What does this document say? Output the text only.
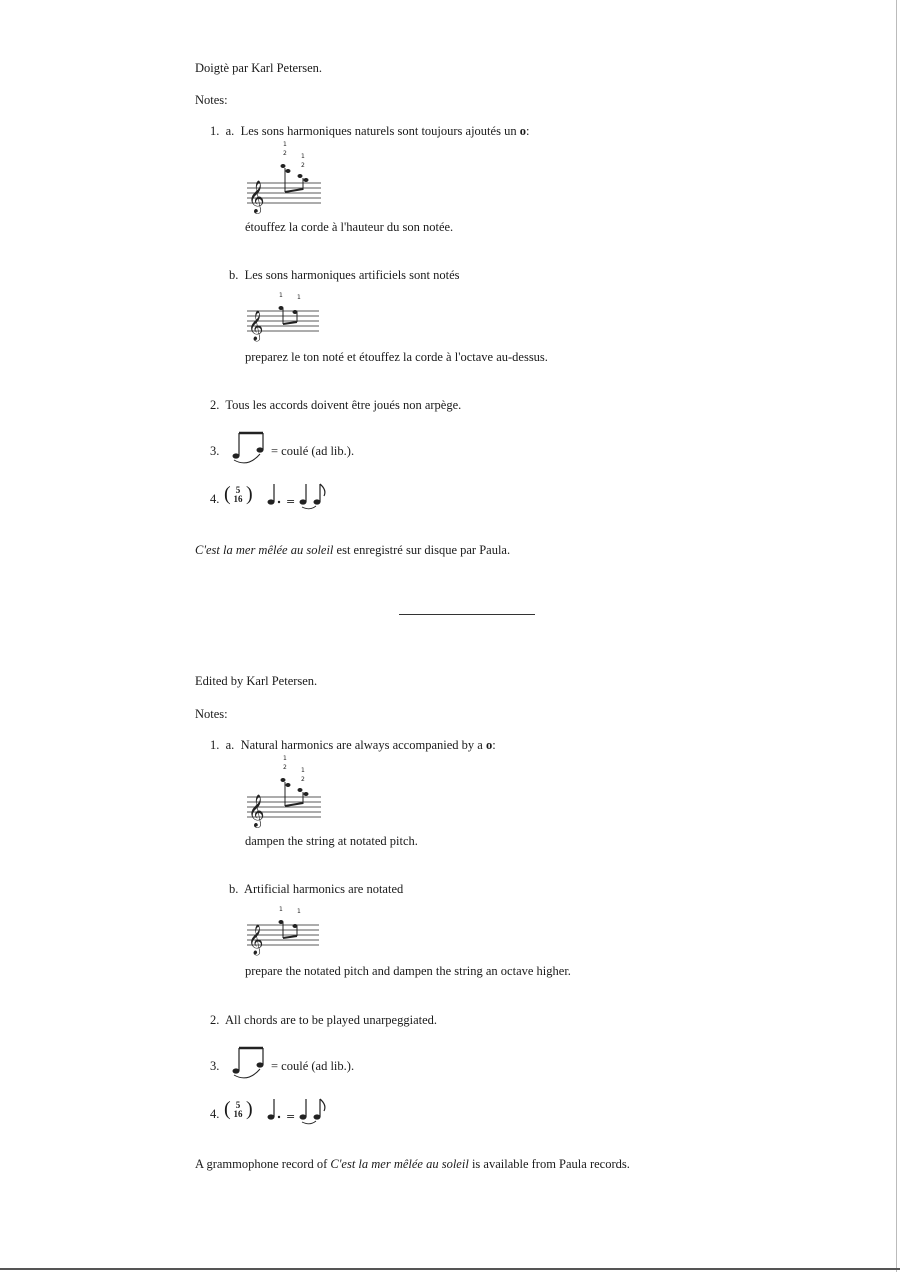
Doigtè par Karl Petersen.
Notes:
1. a. Les sons harmoniques naturels sont toujours ajoutés un o:
𝄞
1
2 1
2
étouffez la corde à l'hauteur du son notée.
b. Les sons harmoniques artificiels sont notés
𝄞
1 1
preparez le ton noté et étouffez la corde à l'octave au-dessus.
2. Tous les accords doivent être joués non arpège.
3.	= coulé (ad lib.).
4. ( 5
16 )	=
C'est la mer mêlée au soleil est enregistré sur disque par Paula.
Edited by Karl Petersen.
Notes:
1. a. Natural harmonics are always accompanied by a o:
𝄞
1
2 1
2
dampen the string at notated pitch.
b. Artificial harmonics are notated
𝄞
1 1
prepare the notated pitch and dampen the string an octave higher.
2. All chords are to be played unarpeggiated.
3.	= coulé (ad lib.).
4. ( 5
16 )	=
A grammophone record of C'est la mer mêlée au soleil is available from Paula records.
